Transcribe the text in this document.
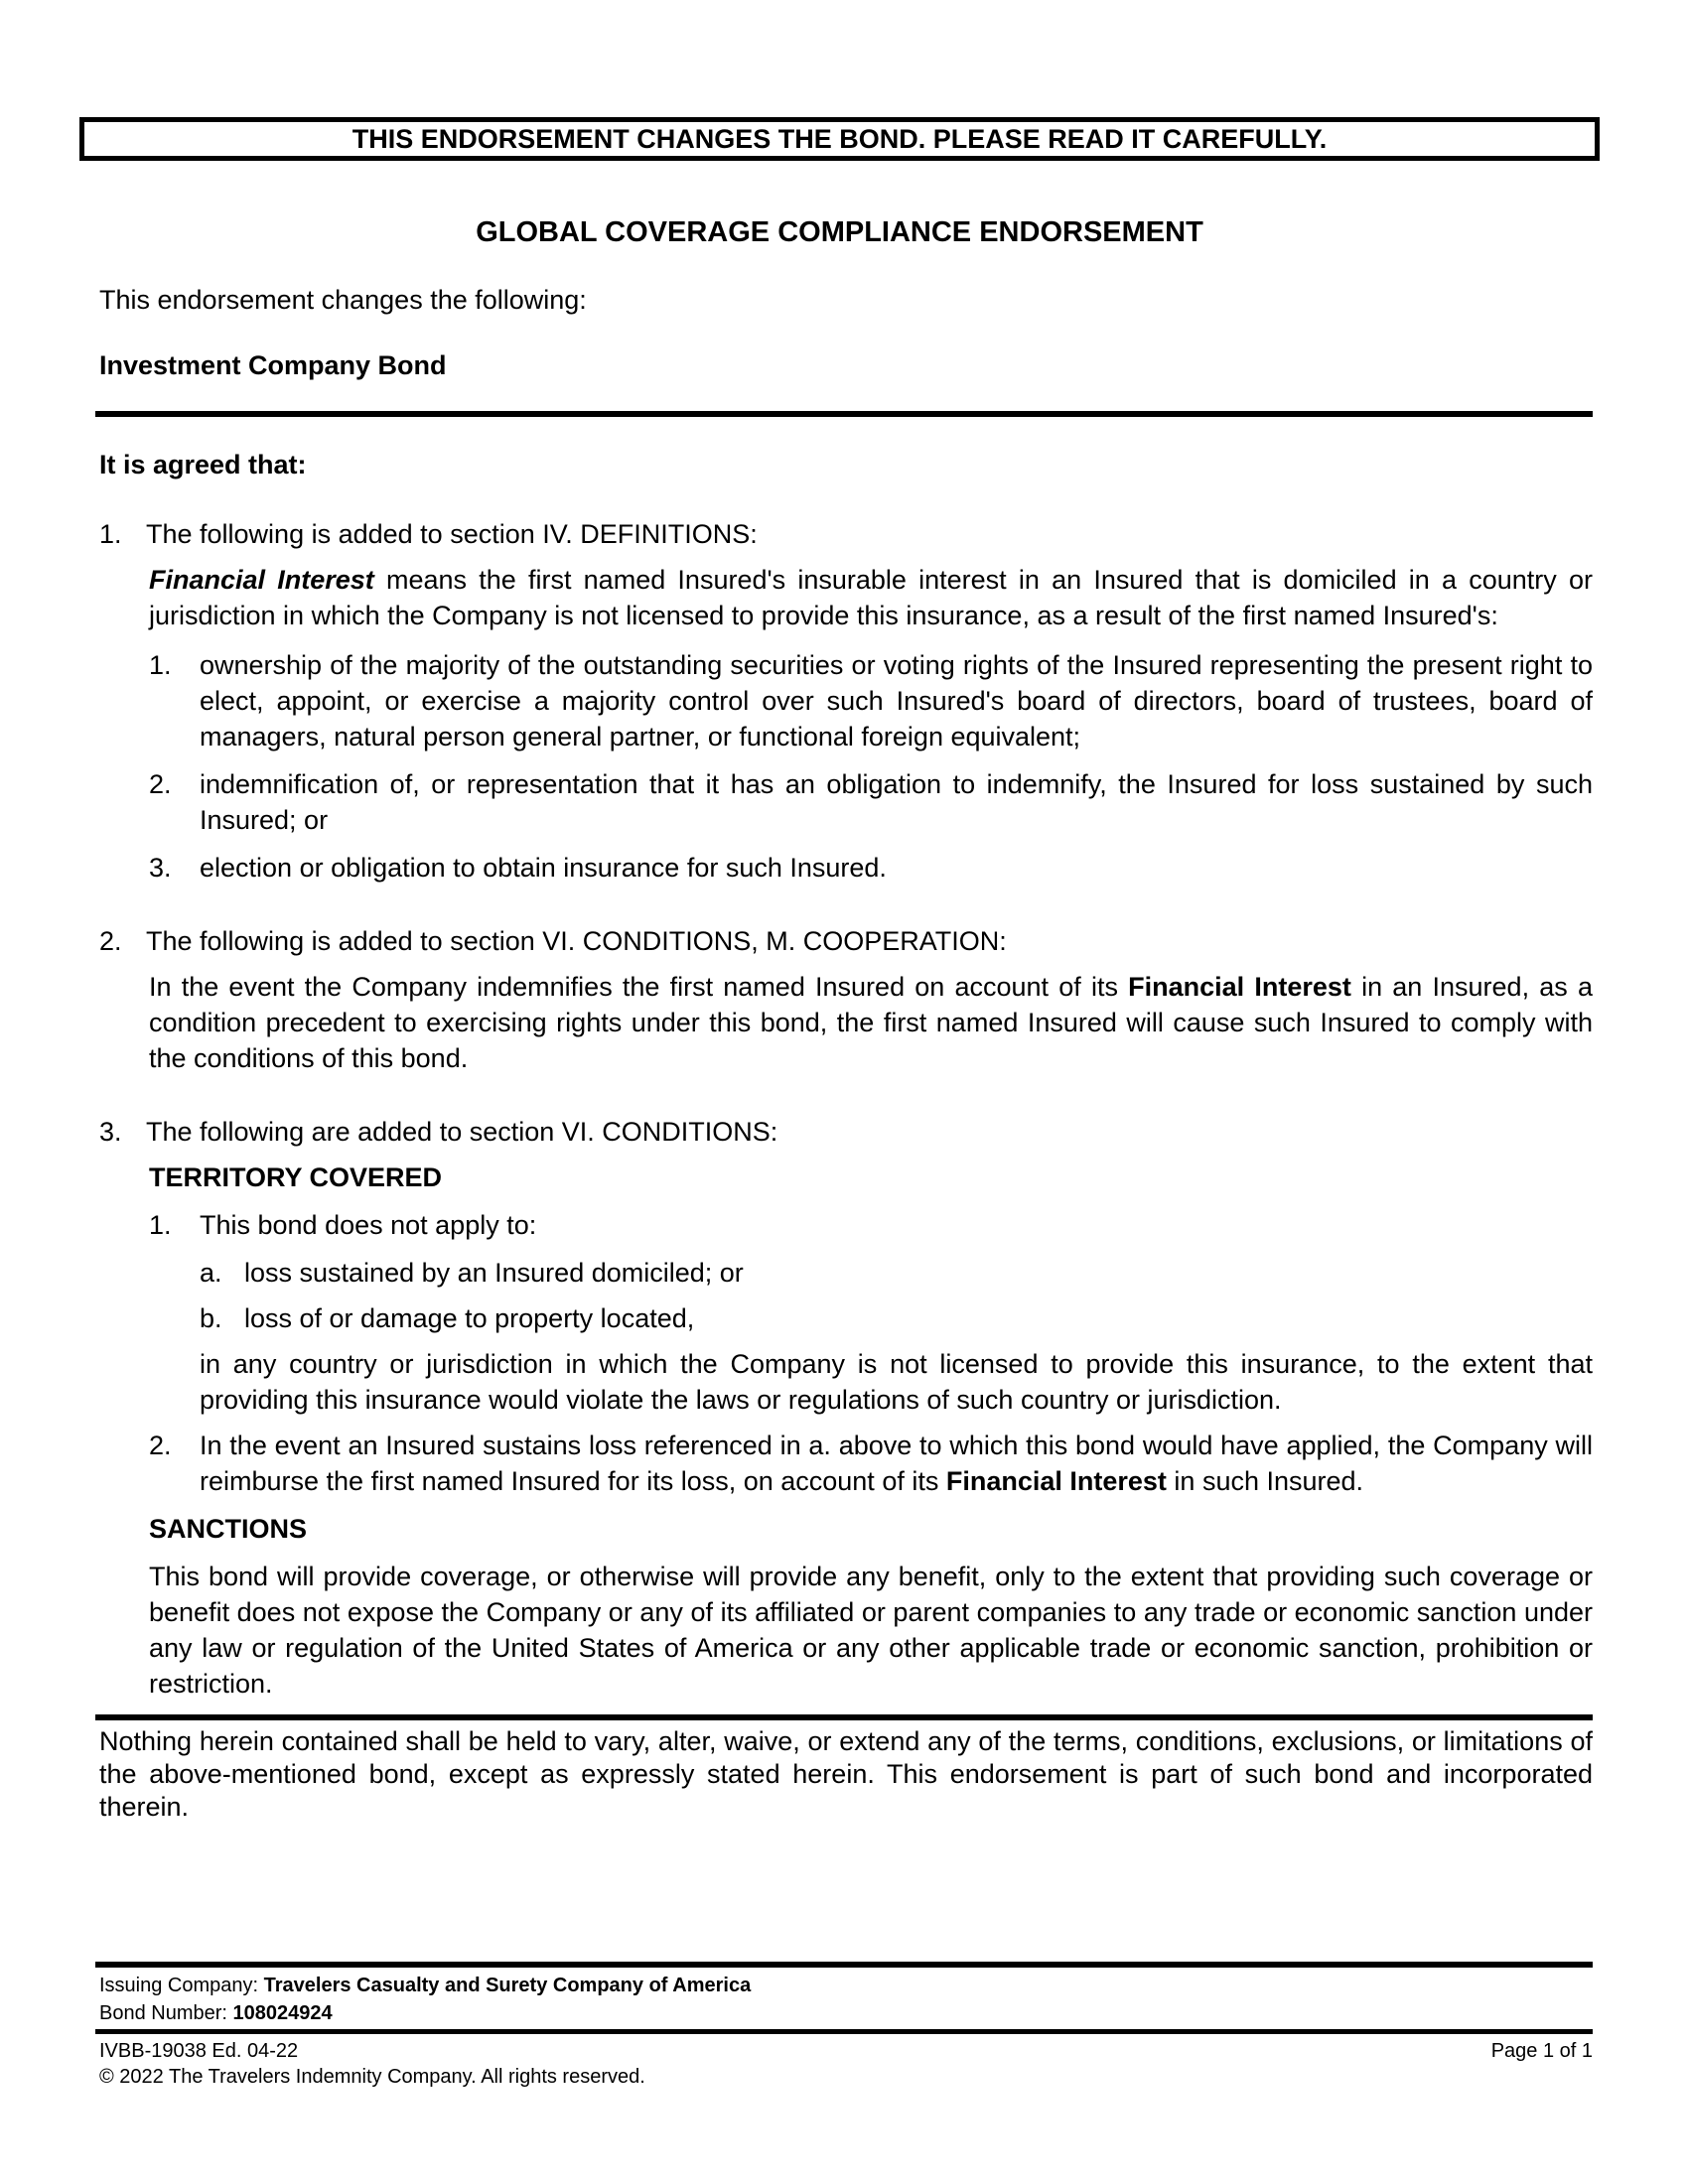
THIS ENDORSEMENT CHANGES THE BOND. PLEASE READ IT CAREFULLY.
GLOBAL COVERAGE COMPLIANCE ENDORSEMENT
This endorsement changes the following:
Investment Company Bond
It is agreed that:
1. The following is added to section IV. DEFINITIONS:
Financial Interest means the first named Insured's insurable interest in an Insured that is domiciled in a country or jurisdiction in which the Company is not licensed to provide this insurance, as a result of the first named Insured's:
1. ownership of the majority of the outstanding securities or voting rights of the Insured representing the present right to elect, appoint, or exercise a majority control over such Insured's board of directors, board of trustees, board of managers, natural person general partner, or functional foreign equivalent;
2. indemnification of, or representation that it has an obligation to indemnify, the Insured for loss sustained by such Insured; or
3. election or obligation to obtain insurance for such Insured.
2. The following is added to section VI. CONDITIONS, M. COOPERATION:
In the event the Company indemnifies the first named Insured on account of its Financial Interest in an Insured, as a condition precedent to exercising rights under this bond, the first named Insured will cause such Insured to comply with the conditions of this bond.
3. The following are added to section VI. CONDITIONS:
TERRITORY COVERED
1. This bond does not apply to:
a. loss sustained by an Insured domiciled; or
b. loss of or damage to property located,
in any country or jurisdiction in which the Company is not licensed to provide this insurance, to the extent that providing this insurance would violate the laws or regulations of such country or jurisdiction.
2. In the event an Insured sustains loss referenced in a. above to which this bond would have applied, the Company will reimburse the first named Insured for its loss, on account of its Financial Interest in such Insured.
SANCTIONS
This bond will provide coverage, or otherwise will provide any benefit, only to the extent that providing such coverage or benefit does not expose the Company or any of its affiliated or parent companies to any trade or economic sanction under any law or regulation of the United States of America or any other applicable trade or economic sanction, prohibition or restriction.
Nothing herein contained shall be held to vary, alter, waive, or extend any of the terms, conditions, exclusions, or limitations of the above-mentioned bond, except as expressly stated herein. This endorsement is part of such bond and incorporated therein.
Issuing Company: Travelers Casualty and Surety Company of America
Bond Number: 108024924
IVBB-19038 Ed. 04-22	Page 1 of 1
© 2022 The Travelers Indemnity Company. All rights reserved.
